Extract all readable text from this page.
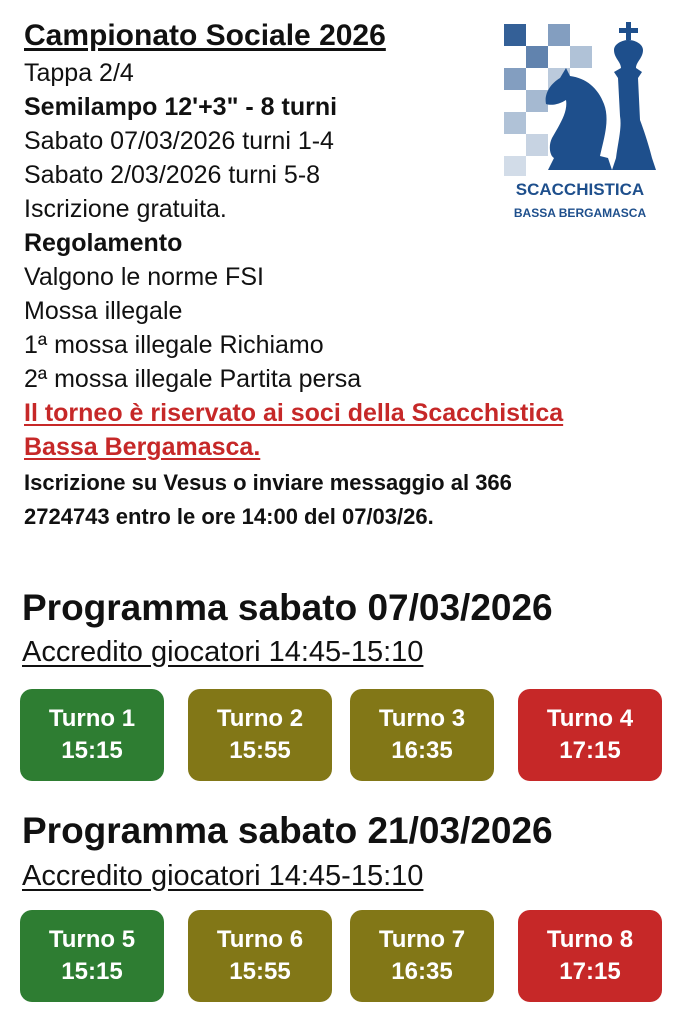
Campionato Sociale 2026
Tappa 2/4
Semilampo 12'+3" - 8 turni
Sabato 07/03/2026 turni 1-4
Sabato 2/03/2026 turni 5-8
Iscrizione gratuita.
Regolamento
Valgono le norme FSI
Mossa illegale
1ª mossa illegale Richiamo
2ª mossa illegale Partita persa
Il torneo è riservato ai soci della Scacchistica
Bassa Bergamasca.
Iscrizione su Vesus o inviare messaggio al 366
2724743 entro le ore 14:00 del 07/03/26.
SCACCHISTICA
BASSA BERGAMASCA
Programma sabato 07/03/2026
Accredito giocatori 14:45-15:10
Turno 1
15:15
Turno 2
15:55
Turno 3
16:35
Turno 4
17:15
Programma sabato 21/03/2026
Accredito giocatori 14:45-15:10
Turno 5
15:15
Turno 6
15:55
Turno 7
16:35
Turno 8
17:15
